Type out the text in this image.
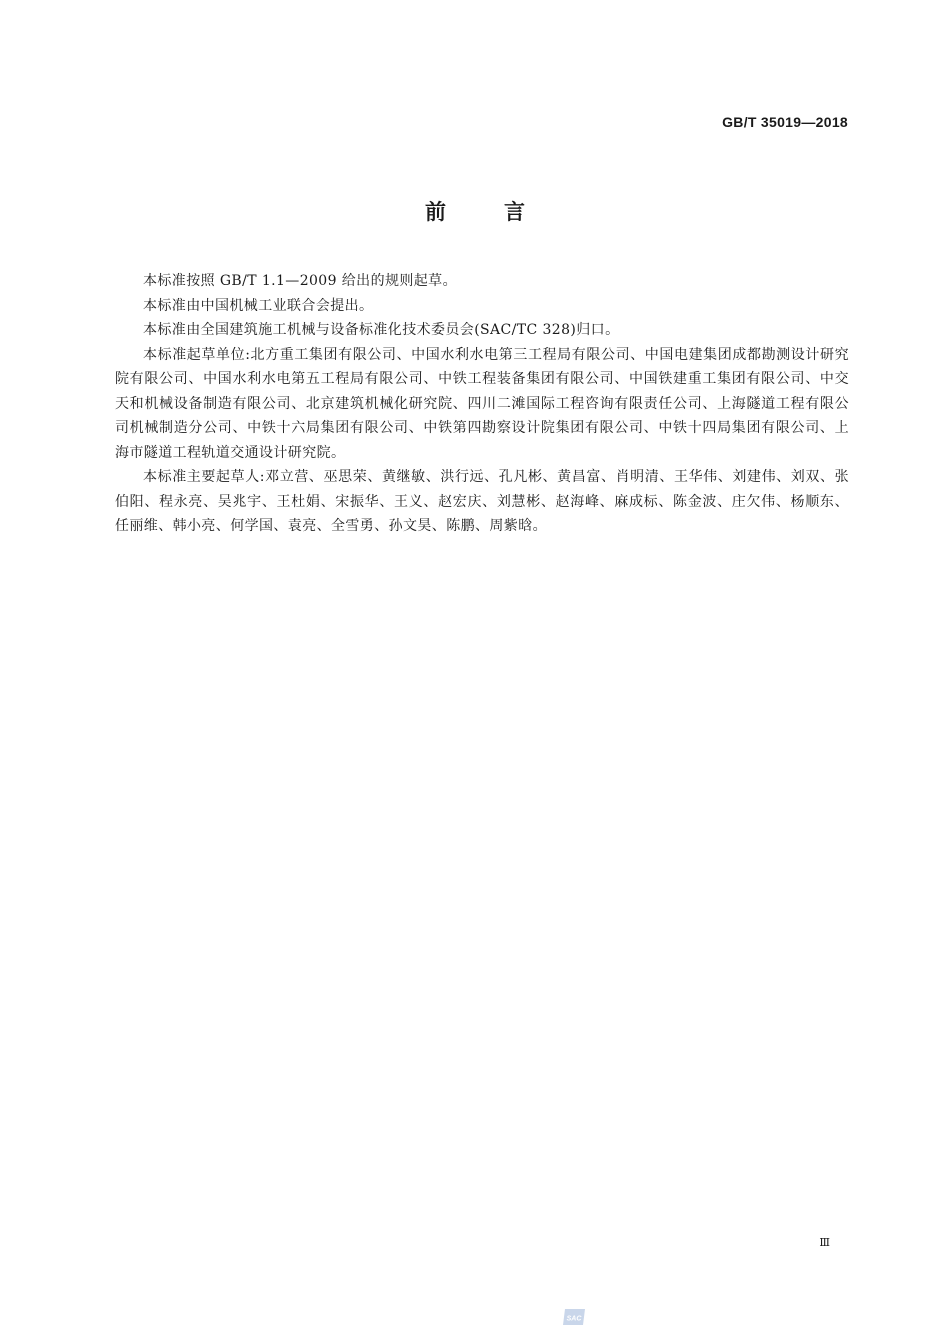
GB/T 35019—2018
前言

本标准按照 GB/T 1.1—2009 给出的规则起草。

本标准由中国机械工业联合会提出。

本标准由全国建筑施工机械与设备标准化技术委员会(SAC/TC 328)归口。

本标准起草单位:北方重工集团有限公司、中国水利水电第三工程局有限公司、中国电建集团成都勘测设计研究院有限公司、中国水利水电第五工程局有限公司、中铁工程装备集团有限公司、中国铁建重工集团有限公司、中交天和机械设备制造有限公司、北京建筑机械化研究院、四川二滩国际工程咨询有限责任公司、上海隧道工程有限公司机械制造分公司、中铁十六局集团有限公司、中铁第四勘察设计院集团有限公司、中铁十四局集团有限公司、上海市隧道工程轨道交通设计研究院。

本标准主要起草人:邓立营、巫思荣、黄继敏、洪行远、孔凡彬、黄昌富、肖明清、王华伟、刘建伟、刘双、张伯阳、程永亮、吴兆宇、王杜娟、宋振华、王义、赵宏庆、刘慧彬、赵海峰、麻成标、陈金波、庄欠伟、杨顺东、任丽维、韩小亮、何学国、袁亮、全雪勇、孙文昊、陈鹏、周紫晗。

Ⅲ
SAC
